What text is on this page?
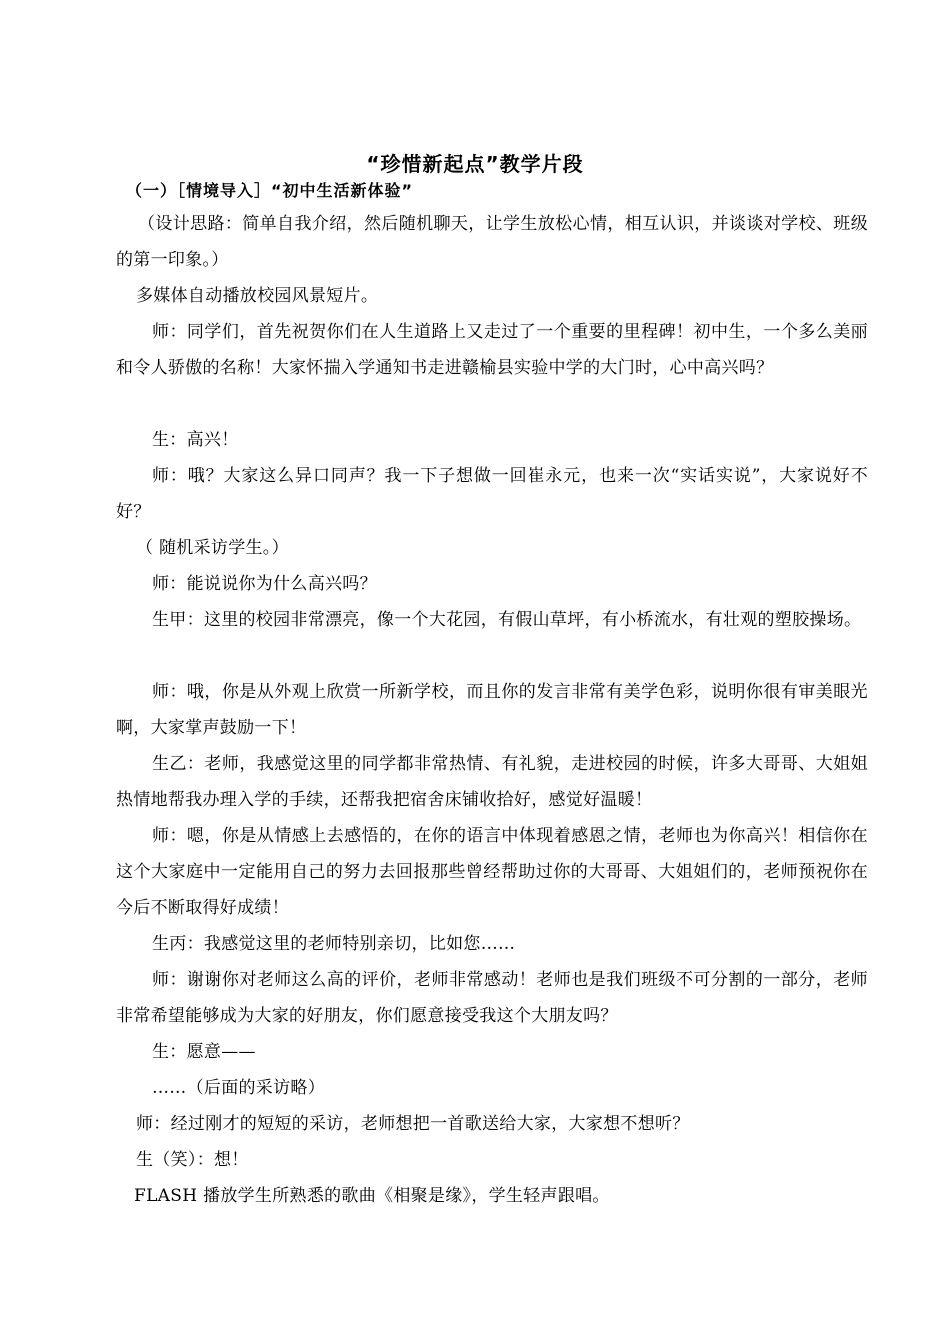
“珍惜新起点”教学片段
（一）［情境导入］“初中生活新体验”

（设计思路：简单自我介绍，然后随机聊天，让学生放松心情，相互认识，并谈谈对学校、班级的第一印象。）

多媒体自动播放校园风景短片。

师：同学们，首先祝贺你们在人生道路上又走过了一个重要的里程碑！初中生，一个多么美丽和令人骄傲的名称！大家怀揣入学通知书走进赣榆县实验中学的大门时，心中高兴吗？

生：高兴！

师：哦？大家这么异口同声？我一下子想做一回崔永元，也来一次“实话实说”，大家说好不好？

（ 随机采访学生。）

师：能说说你为什么高兴吗？

生甲：这里的校园非常漂亮，像一个大花园，有假山草坪，有小桥流水，有壮观的塑胶操场。

师：哦，你是从外观上欣赏一所新学校，而且你的发言非常有美学色彩，说明你很有审美眼光啊，大家掌声鼓励一下！

生乙：老师，我感觉这里的同学都非常热情、有礼貌，走进校园的时候，许多大哥哥、大姐姐热情地帮我办理入学的手续，还帮我把宿舍床铺收拾好，感觉好温暖！

师：嗯，你是从情感上去感悟的，在你的语言中体现着感恩之情，老师也为你高兴！相信你在这个大家庭中一定能用自己的努力去回报那些曾经帮助过你的大哥哥、大姐姐们的，老师预祝你在今后不断取得好成绩！

生丙：我感觉这里的老师特别亲切，比如您……

师：谢谢你对老师这么高的评价，老师非常感动！老师也是我们班级不可分割的一部分，老师非常希望能够成为大家的好朋友，你们愿意接受我这个大朋友吗？

生：愿意——

……（后面的采访略）

师：经过刚才的短短的采访，老师想把一首歌送给大家，大家想不想听？

生（笑）：想！

FLASH 播放学生所熟悉的歌曲《相聚是缘》，学生轻声跟唱。
